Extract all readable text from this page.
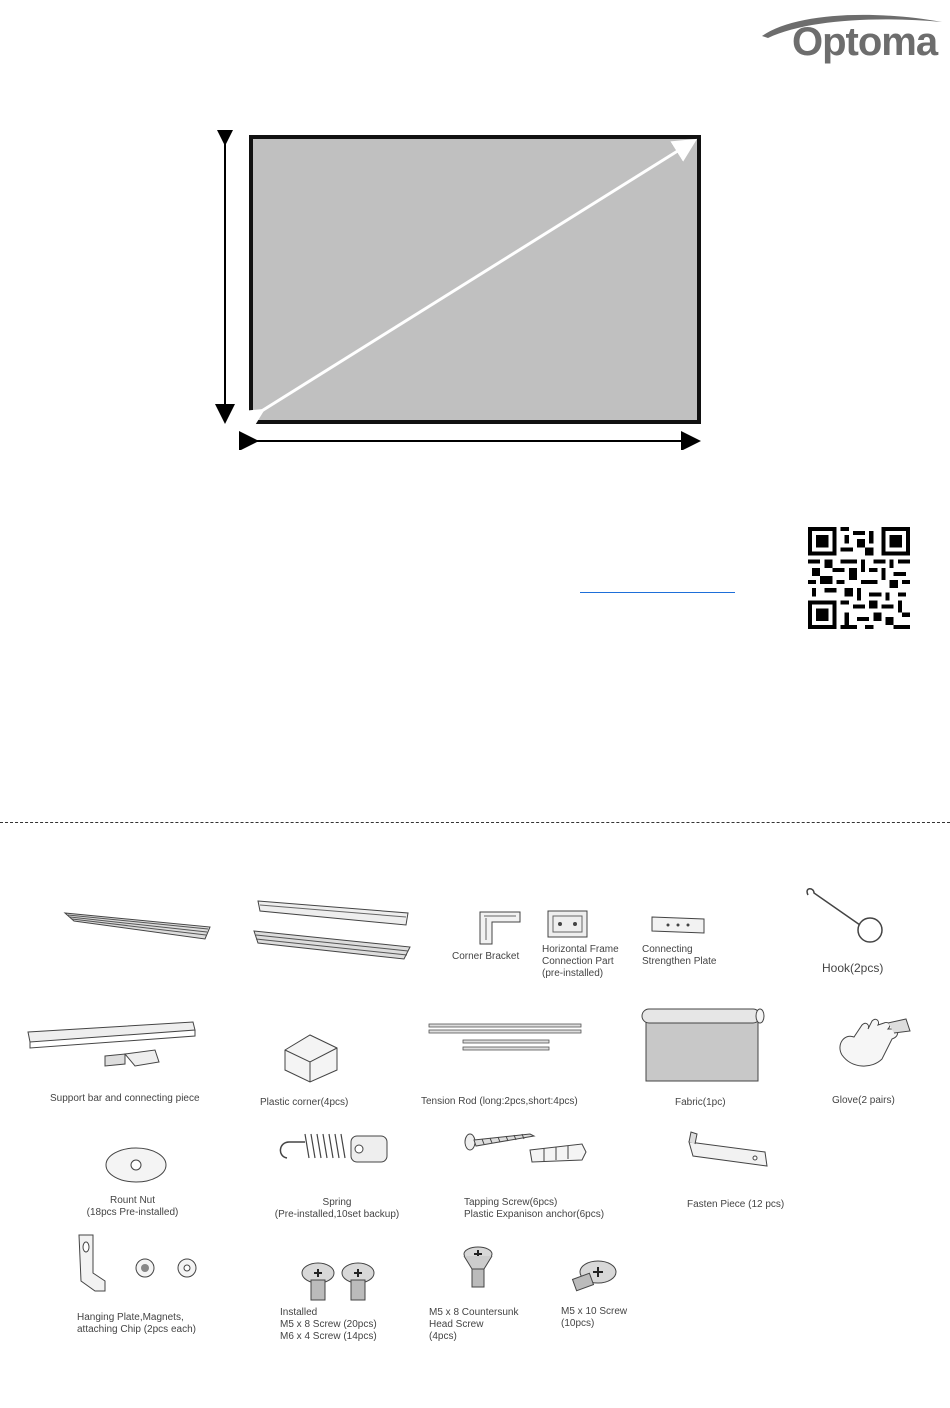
Optoma
Corner Bracket
Horizontal Frame
Connection Part
(pre-installed)
Connecting
Strengthen Plate	Hook(2pcs)
Support bar and connecting piece	Plastic corner(4pcs)	Tension Rod (long:2pcs,short:4pcs)	Fabric(1pc)	Glove(2 pairs)
Rount Nut
(18pcs Pre-installed)
Spring
(Pre-installed,10set backup)
Tapping Screw(6pcs)
Plastic Expanison anchor(6pcs)
Fasten Piece (12 pcs)
Hanging Plate,Magnets,
attaching Chip (2pcs each)
Installed
M5 x 8 Screw (20pcs)
M6 x 4 Screw (14pcs)
M5 x 8 Countersunk
Head Screw
(4pcs)
M5 x 10 Screw
(10pcs)
